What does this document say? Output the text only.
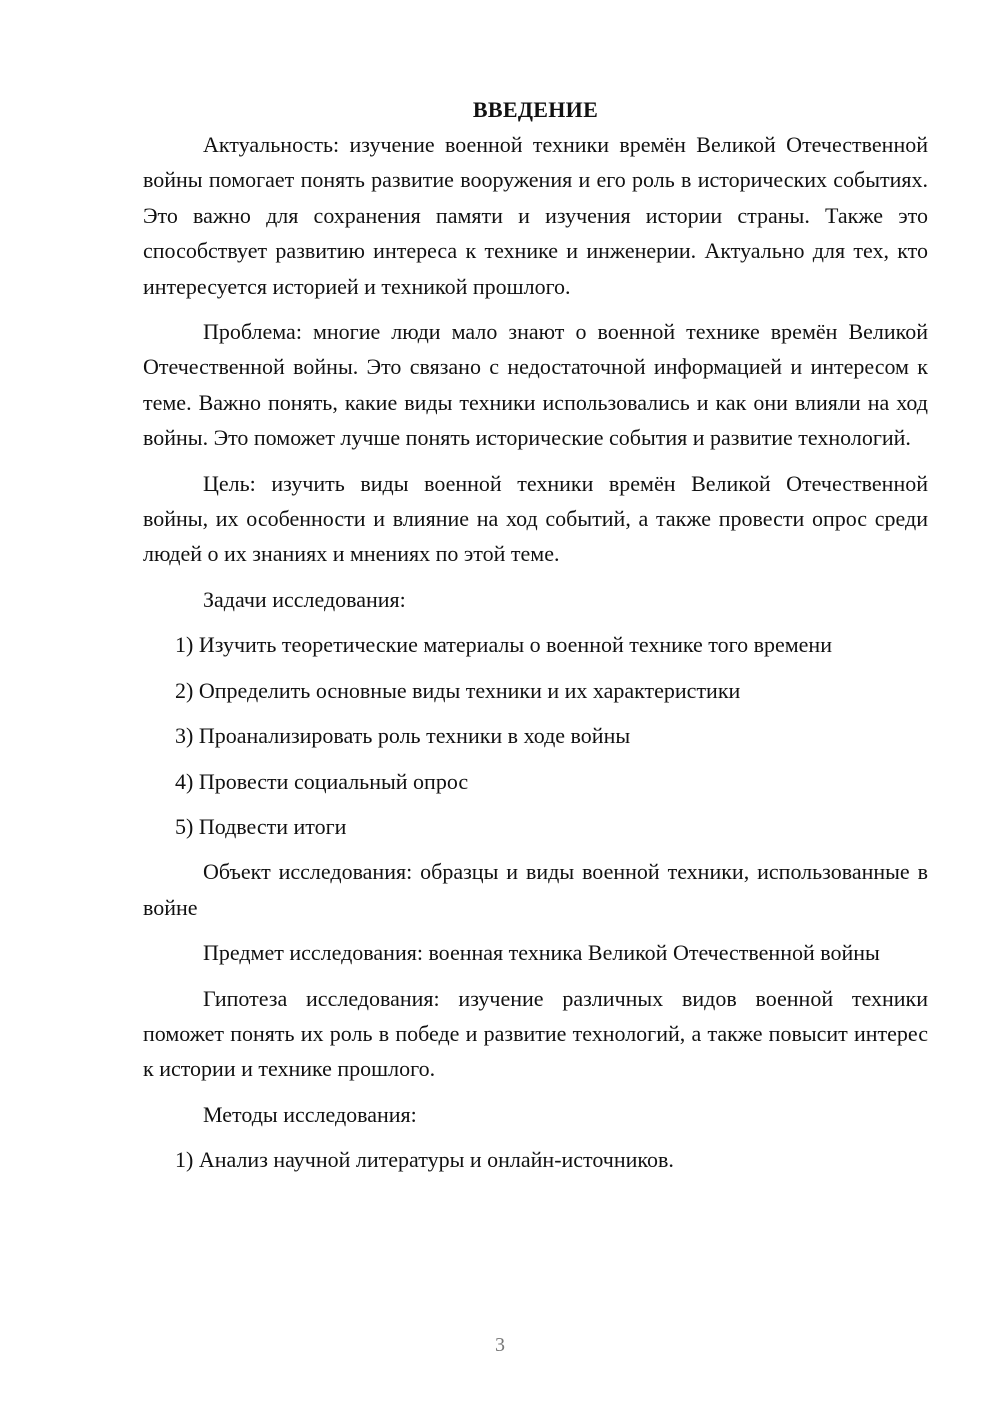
ВВЕДЕНИЕ

Актуальность: изучение военной техники времён Великой Отечественной войны помогает понять развитие вооружения и его роль в исторических событиях. Это важно для сохранения памяти и изучения истории страны. Также это способствует развитию интереса к технике и инженерии. Актуально для тех, кто интересуется историей и техникой прошлого.

Проблема: многие люди мало знают о военной технике времён Великой Отечественной войны. Это связано с недостаточной информацией и интересом к теме. Важно понять, какие виды техники использовались и как они влияли на ход войны. Это поможет лучше понять исторические события и развитие технологий.

Цель: изучить виды военной техники времён Великой Отечественной войны, их особенности и влияние на ход событий, а также провести опрос среди людей о их знаниях и мнениях по этой теме.

Задачи исследования:

1) Изучить теоретические материалы о военной технике того времени

2) Определить основные виды техники и их характеристики

3) Проанализировать роль техники в ходе войны

4) Провести социальный опрос

5) Подвести итоги

Объект исследования: образцы и виды военной техники, использованные в войне

Предмет исследования: военная техника Великой Отечественной войны

Гипотеза исследования: изучение различных видов военной техники поможет понять их роль в победе и развитие технологий, а также повысит интерес к истории и технике прошлого.

Методы исследования:

1) Анализ научной литературы и онлайн-источников.

3
